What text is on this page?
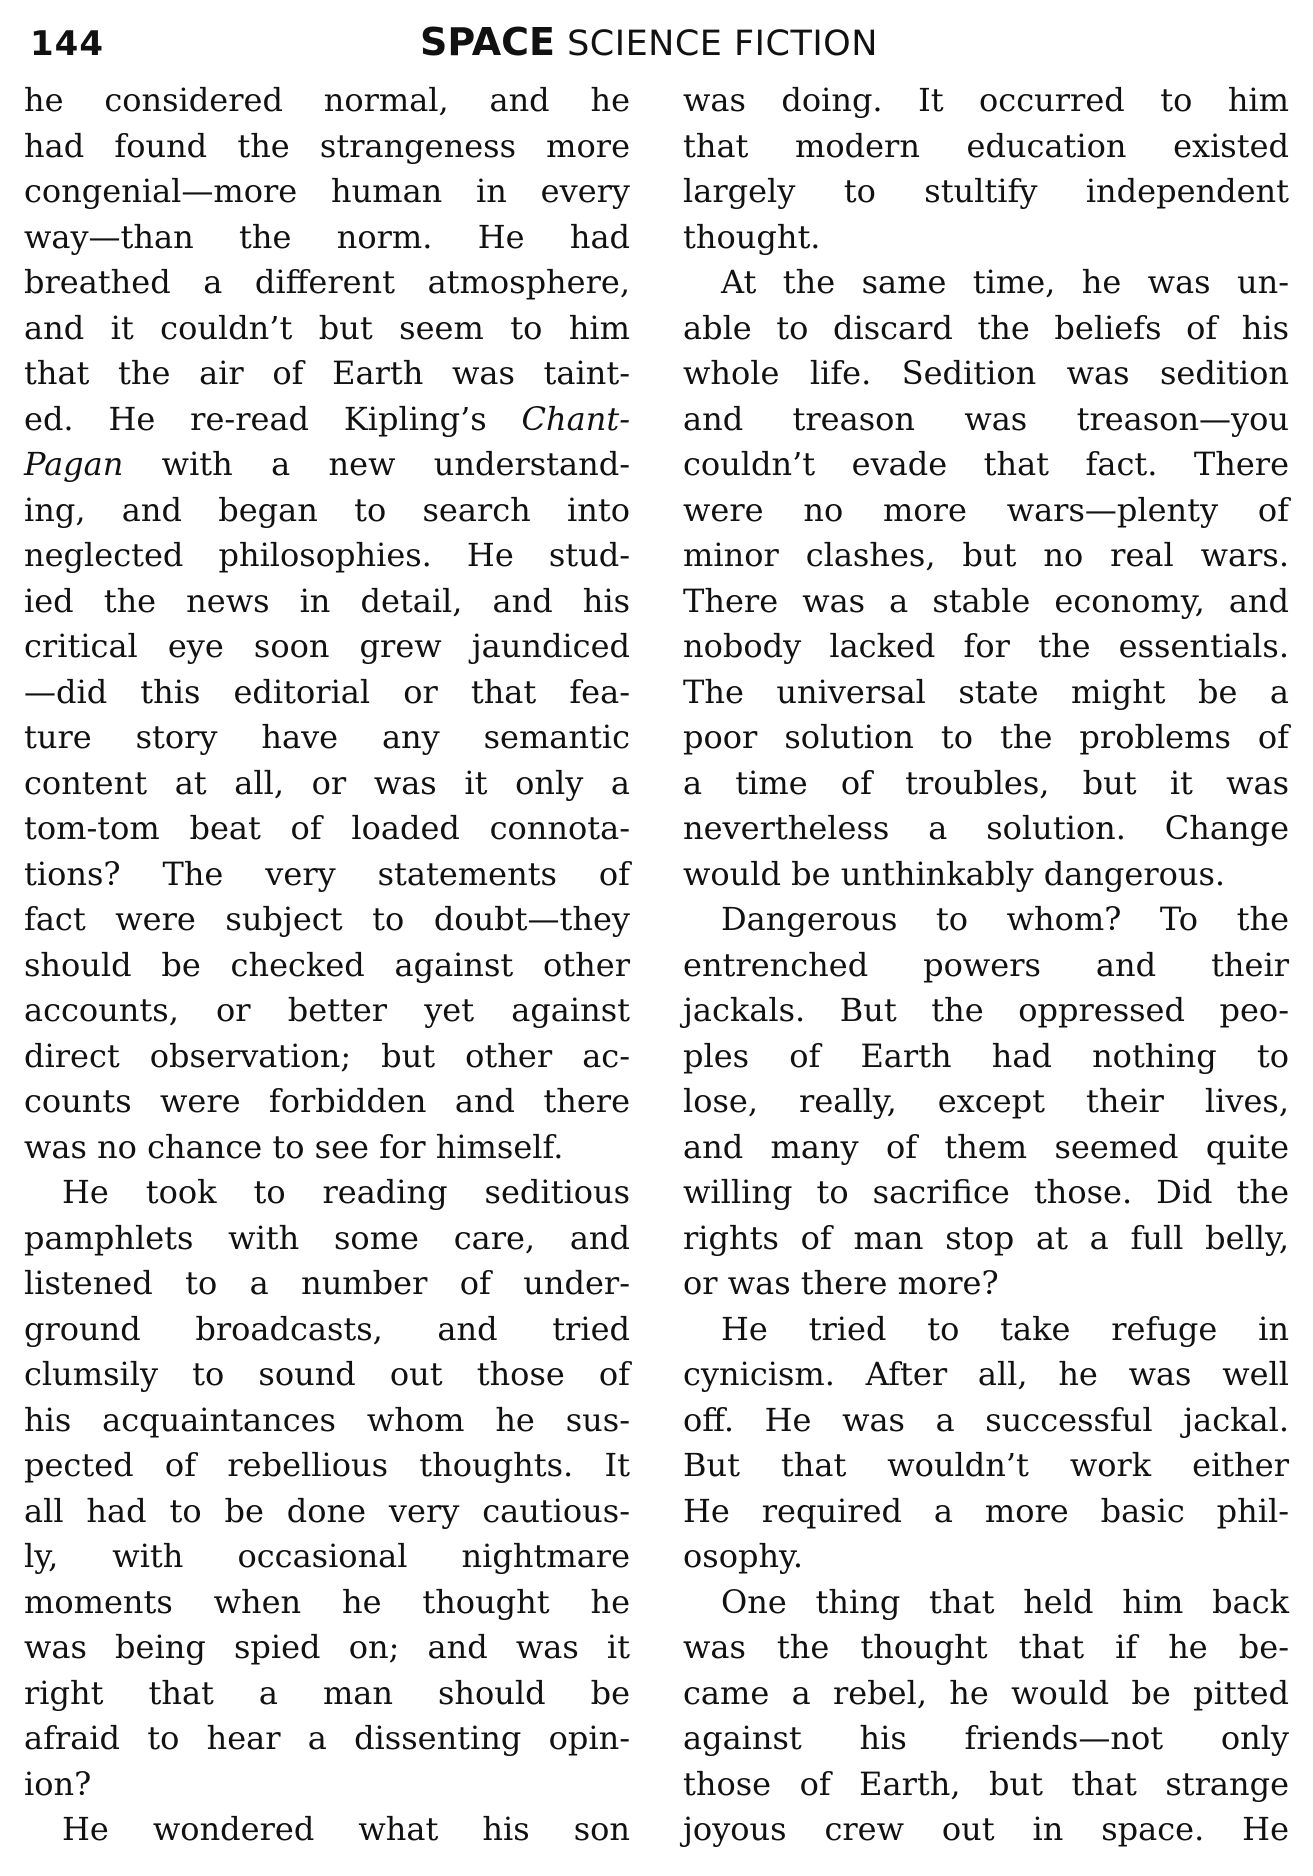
144	SPACE SCIENCE FICTION
he considered normal, and he
had found the strangeness more
congenial—more human in every
way—than the norm. He had
breathed a different atmosphere,
and it couldn’t but seem to him
that the air of Earth was taint-
ed. He re-read Kipling’s Chant-
Pagan with a new understand-
ing, and began to search into
neglected philosophies. He stud-
ied the news in detail, and his
critical eye soon grew jaundiced
—did this editorial or that fea-
ture story have any semantic
content at all, or was it only a
tom-tom beat of loaded connota-
tions? The very statements of
fact were subject to doubt—they
should be checked against other
accounts, or better yet against
direct observation; but other ac-
counts were forbidden and there
was no chance to see for himself.
He took to reading seditious
pamphlets with some care, and
listened to a number of under-
ground broadcasts, and tried
clumsily to sound out those of
his acquaintances whom he sus-
pected of rebellious thoughts. It
all had to be done very cautious-
ly, with occasional nightmare
moments when he thought he
was being spied on; and was it
right that a man should be
afraid to hear a dissenting opin-
ion?
He wondered what his son
was doing. It occurred to him
that modern education existed
largely to stultify independent
thought.
At the same time, he was un-
able to discard the beliefs of his
whole life. Sedition was sedition
and treason was treason—you
couldn’t evade that fact. There
were no more wars—plenty of
minor clashes, but no real wars.
There was a stable economy, and
nobody lacked for the essentials.
The universal state might be a
poor solution to the problems of
a time of troubles, but it was
nevertheless a solution. Change
would be unthinkably dangerous.
Dangerous to whom? To the
entrenched powers and their
jackals. But the oppressed peo-
ples of Earth had nothing to
lose, really, except their lives,
and many of them seemed quite
willing to sacrifice those. Did the
rights of man stop at a full belly,
or was there more?
He tried to take refuge in
cynicism. After all, he was well
off. He was a successful jackal.
But that wouldn’t work either
He required a more basic phil-
osophy.
One thing that held him back
was the thought that if he be-
came a rebel, he would be pitted
against his friends—not only
those of Earth, but that strange
joyous crew out in space. He
